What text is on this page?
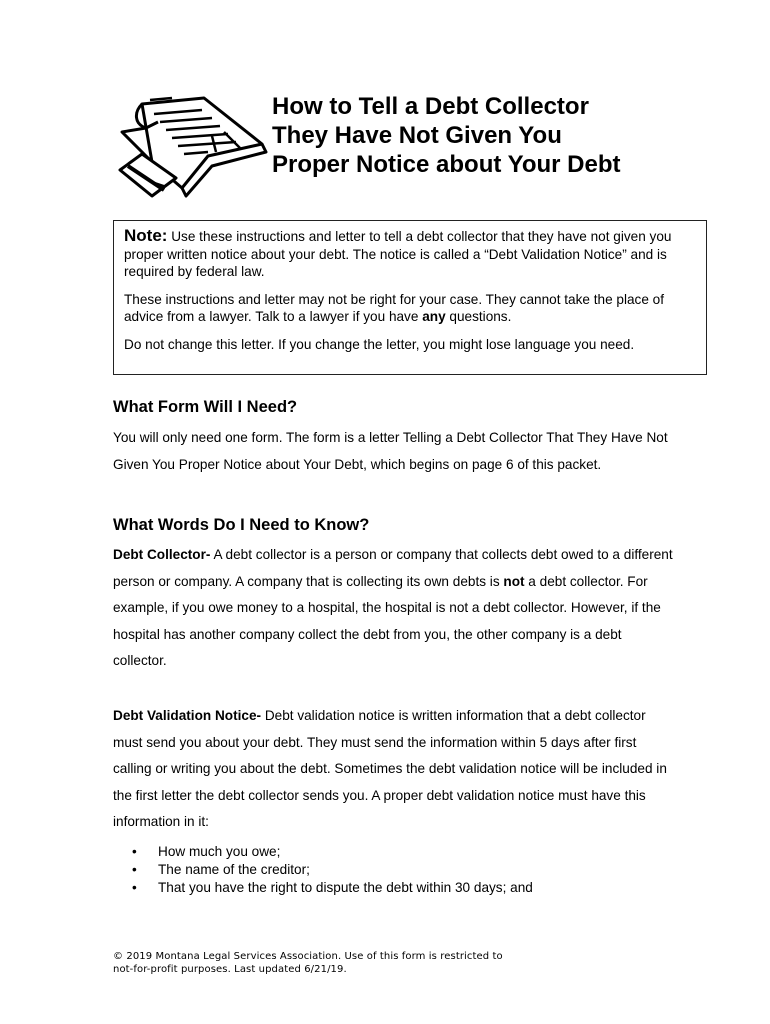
How to Tell a Debt Collector
They Have Not Given You
Proper Notice about Your Debt

Note: Use these instructions and letter to tell a debt collector that they have not given you proper written notice about your debt. The notice is called a “Debt Validation Notice” and is required by federal law.

These instructions and letter may not be right for your case. They cannot take the place of advice from a lawyer. Talk to a lawyer if you have any questions.

Do not change this letter. If you change the letter, you might lose language you need.

What Form Will I Need?

You will only need one form. The form is a letter Telling a Debt Collector That They Have Not Given You Proper Notice about Your Debt, which begins on page 6 of this packet.

What Words Do I Need to Know?

Debt Collector- A debt collector is a person or company that collects debt owed to a different person or company. A company that is collecting its own debts is not a debt collector. For example, if you owe money to a hospital, the hospital is not a debt collector. However, if the hospital has another company collect the debt from you, the other company is a debt collector.

Debt Validation Notice- Debt validation notice is written information that a debt collector must send you about your debt. They must send the information within 5 days after first calling or writing you about the debt. Sometimes the debt validation notice will be included in the first letter the debt collector sends you. A proper debt validation notice must have this information in it:

• How much you owe;
• The name of the creditor;
• That you have the right to dispute the debt within 30 days; and

© 2019 Montana Legal Services Association. Use of this form is restricted to
not-for-profit purposes. Last updated 6/21/19.
